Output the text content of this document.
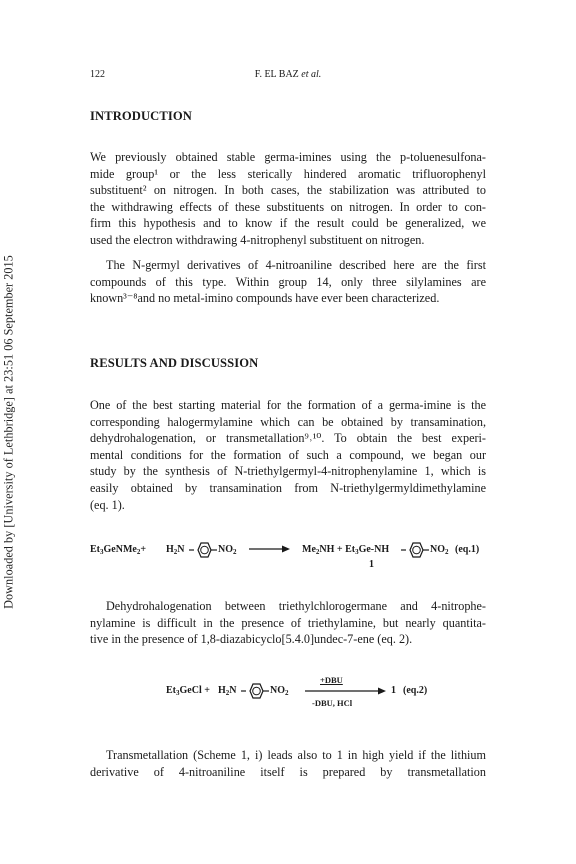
Downloaded by [University of Lethbridge] at 23:51 06 September 2015
122	F. EL BAZ et al.
INTRODUCTION
We previously obtained stable germa-imines using the p-toluenesulfona-
mide group¹ or the less sterically hindered aromatic trifluorophenyl
substituent² on nitrogen. In both cases, the stabilization was attributed to
the withdrawing effects of these substituents on nitrogen. In order to con-
firm this hypothesis and to know if the result could be generalized, we
used the electron withdrawing 4-nitrophenyl substituent on nitrogen.
The N-germyl derivatives of 4-nitroaniline described here are the first
compounds of this type. Within group 14, only three silylamines are
known³⁻⁸and no metal-imino compounds have ever been characterized.
RESULTS AND DISCUSSION
One of the best starting material for the formation of a germa-imine is the
corresponding halogermylamine which can be obtained by transamination,
dehydrohalogenation, or transmetallation⁹˒¹⁰. To obtain the best experi-
mental conditions for the formation of such a compound, we began our
study by the synthesis of N-triethylgermyl-4-nitrophenylamine 1, which is
easily obtained by transamination from N-triethylgermyldimethylamine
(eq. 1).
$Et_3GeNMe_2+ H_2N$	$NO_2$	$Me_2NH + Et_3Ge-NH$	$NO_2$ (eq.1)
1
Dehydrohalogenation between triethylchlorogermane and 4-nitrophe-
nylamine is difficult in the presence of triethylamine, but nearly quantita-
tive in the presence of 1,8-diazabicyclo[5.4.0]undec-7-ene (eq. 2).
$Et_3GeCl + H_2N$	$NO_2$
+DBU
-DBU, HCl
1 (eq.2)
Transmetallation (Scheme 1, i) leads also to 1 in high yield if the lithium
derivative of 4-nitroaniline itself is prepared by transmetallation
